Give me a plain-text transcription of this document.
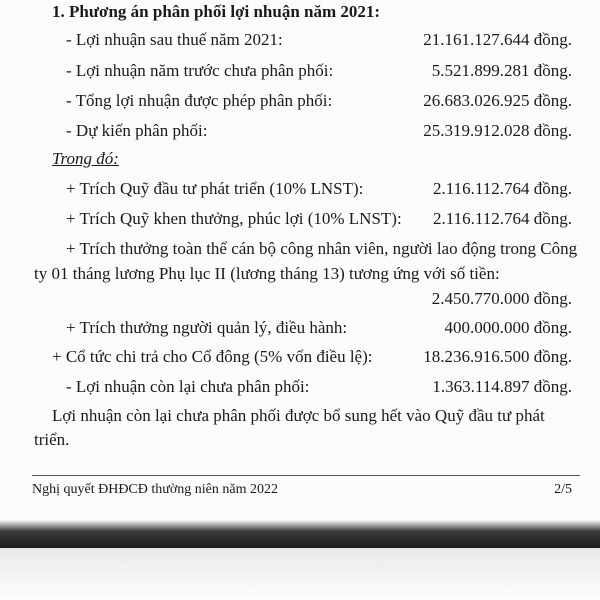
1. Phương án phân phối lợi nhuận năm 2021:
- Lợi nhuận sau thuế năm 2021:	21.161.127.644 đồng.
- Lợi nhuận năm trước chưa phân phối:	5.521.899.281 đồng.
- Tổng lợi nhuận được phép phân phối:	26.683.026.925 đồng.
- Dự kiến phân phối:	25.319.912.028 đồng.
Trong đó:
+ Trích Quỹ đầu tư phát triển (10% LNST):	2.116.112.764 đồng.
+ Trích Quỹ khen thưởng, phúc lợi (10% LNST): 2.116.112.764 đồng.
+ Trích thưởng toàn thể cán bộ công nhân viên, người lao động trong Công
ty 01 tháng lương Phụ lục II (lương tháng 13) tương ứng với số tiền:
2.450.770.000 đồng.
+ Trích thưởng người quản lý, điều hành:	400.000.000 đồng.
+ Cổ tức chi trả cho Cổ đông (5% vốn điều lệ):	18.236.916.500 đồng.
- Lợi nhuận còn lại chưa phân phối:	1.363.114.897 đồng.
Lợi nhuận còn lại chưa phân phối được bổ sung hết vào Quỹ đầu tư phát
triển.
Nghị quyết ĐHĐCĐ thường niên năm 2022	2/5
